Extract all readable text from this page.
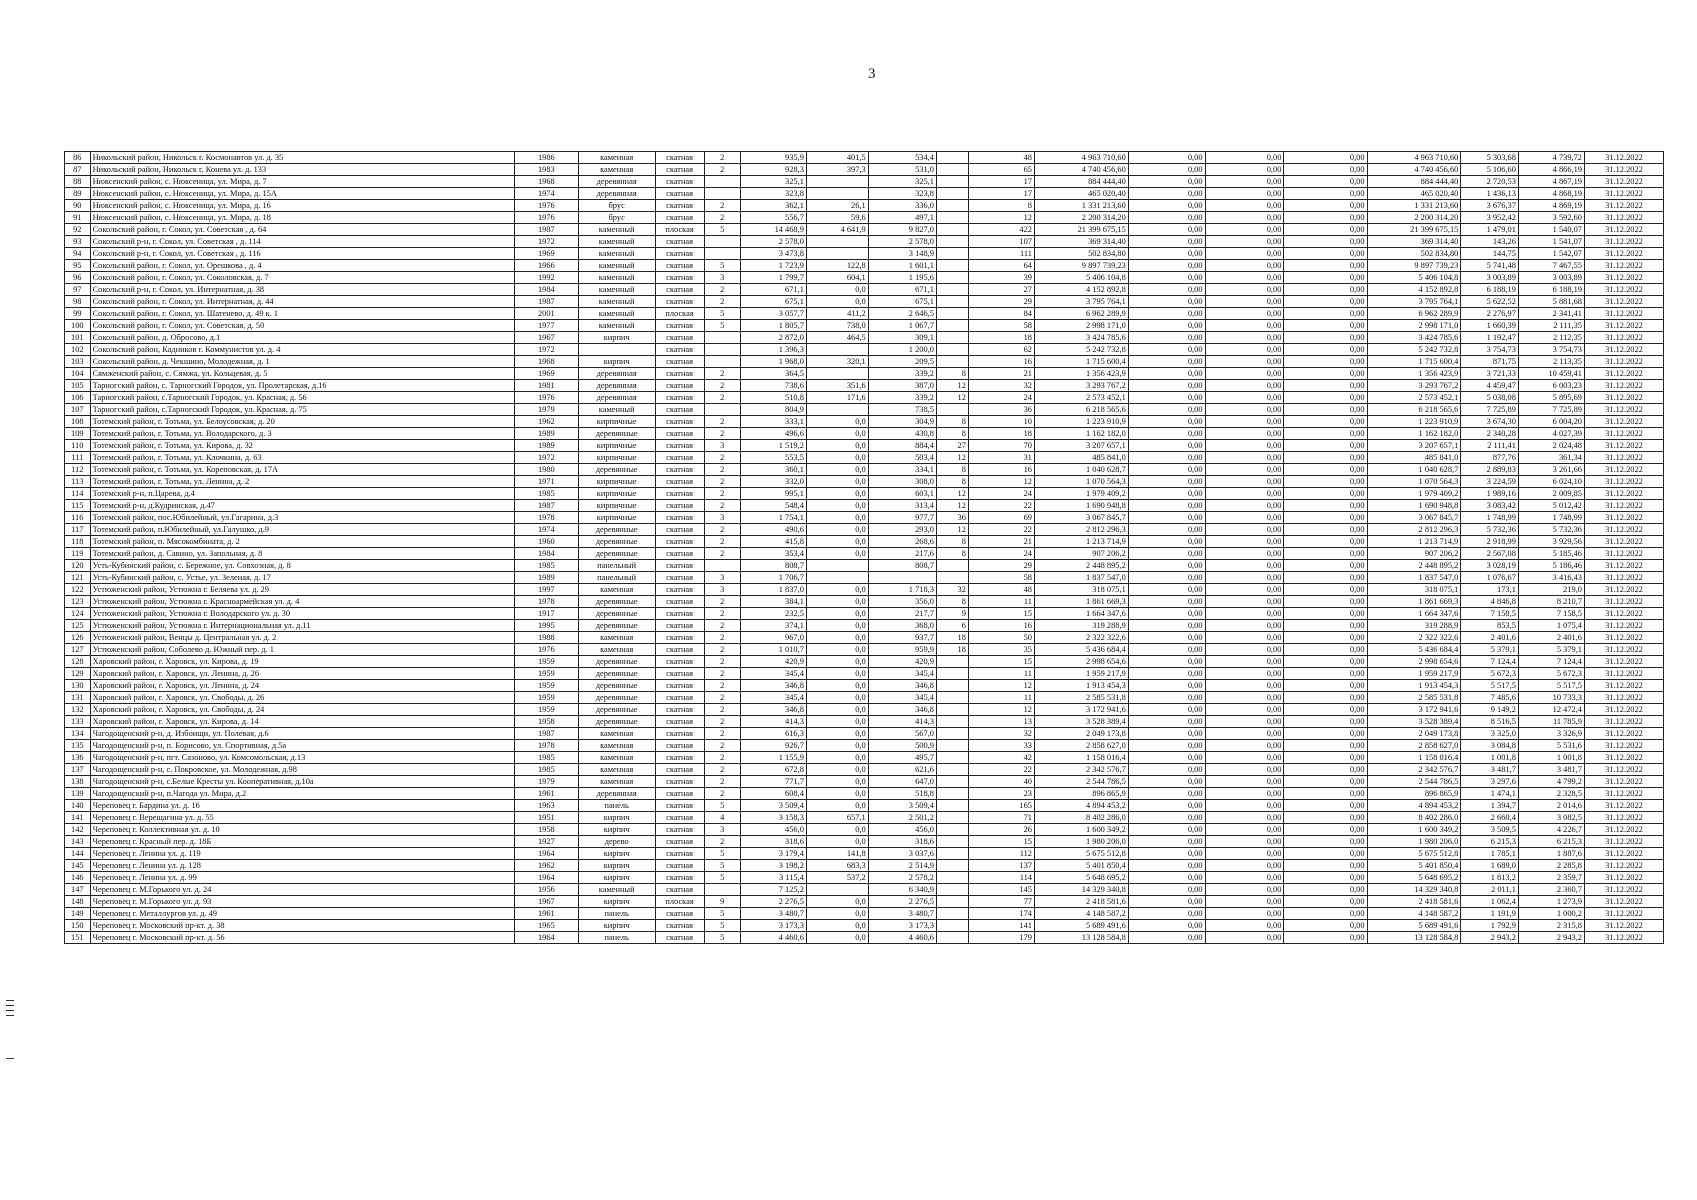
3
86	Никольский район, Никольск г. Космонавтов ул. д. 35	1986	каменная	скатная	2	935,9	401,5	534,4		48	4 963 710,60	0,00	0,00	0,00	4 963 710,60	5 303,68	4 739,72	31.12.2022
87	Никольский район, Никольск г. Конева ул. д. 133	1983	каменная	скатная	2	928,3	397,3	531,0		65	4 740 456,60	0,00	0,00	0,00	4 740 456,60	5 106,60	4 866,19	31.12.2022
88	Нюксенский район, с. Нюксеница, ул. Мира, д. 7	1968	деревянная	скатная		325,1		325,1		17	884 444,40	0,00	0,00	0,00	884 444,40	2 720,53	4 867,19	31.12.2022
89	Нюксенский район, с. Нюксеница, ул. Мира, д. 15А	1974	деревянная	скатная		323,8		323,8		17	465 020,40	0,00	0,00	0,00	465 020,40	1 436,13	4 868,19	31.12.2022
90	Нюксенский район, с. Нюксеница, ул. Мира, д. 16	1976	брус	скатная	2	362,1	26,1	336,0		8	1 331 213,60	0,00	0,00	0,00	1 331 213,60	3 676,37	4 869,19	31.12.2022
91	Нюксенский район, с. Нюксеница, ул. Мира, д. 18	1976	брус	скатная	2	556,7	59,6	497,1		12	2 200 314,20	0,00	0,00	0,00	2 200 314,20	3 952,42	3 592,60	31.12.2022
92	Сокольский район, г. Сокол, ул. Советская , д. 64	1987	каменный	плоская	5	14 468,9	4 641,9	9 827,0		422	21 399 675,15	0,00	0,00	0,00	21 399 675,15	1 479,01	1 540,07	31.12.2022
93	Сокольский р-н, г. Сокол, ул. Советская , д. 114	1972	каменный	скатная		2 578,0		2 578,0		107	369 314,40	0,00	0,00	0,00	369 314,40	143,26	1 541,07	31.12.2022
94	Сокольский р-н, г. Сокол, ул. Советская , д. 116	1969	каменный	скатная		3 473,8		3 148,9		111	502 834,80	0,00	0,00	0,00	502 834,80	144,75	1 542,07	31.12.2022
95	Сокольский район, г. Сокол, ул. Орешкова , д. 4	1966	каменный	скатная	5	1 723,9	122,8	1 601,1		64	9 897 739,23	0,00	0,00	0,00	9 897 739,23	5 741,48	7 467,55	31.12.2022
96	Сокольский район, г. Сокол, ул. Соколовская, д. 7	1992	каменный	скатная	3	1 799,7	604,1	1 195,6		39	5 406 104,8	0,00	0,00	0,00	5 406 104,8	3 003,89	3 003,89	31.12.2022
97	Сокольский р-н, г. Сокол, ул. Интернатная, д. 38	1984	каменный	скатная	2	671,1	0,0	671,1		27	4 152 892,8	0,00	0,00	0,00	4 152 892,8	6 188,19	6 188,19	31.12.2022
98	Сокольский район, г. Сокол, ул. Интернатная, д. 44	1987	каменный	скатная	2	675,1	0,0	675,1		29	3 795 764,1	0,00	0,00	0,00	3 795 764,1	5 622,52	5 881,68	31.12.2022
99	Сокольский район, г. Сокол, ул. Шатенево, д. 49 к. 1	2001	каменный	плоская	5	3 057,7	411,2	2 646,5		84	6 962 289,9	0,00	0,00	0,00	6 962 289,9	2 276,97	2 341,41	31.12.2022
100	Сокольский район, г. Сокол, ул. Советская, д. 50	1977	каменный	скатная	5	1 805,7	738,0	1 067,7		58	2 998 171,0	0,00	0,00	0,00	2 998 171,0	1 660,39	2 111,35	31.12.2022
101	Сокольский район, д. Обросово, д.1	1967	кирпич	скатная		2 872,0	464,5	309,1		18	3 424 785,6	0,00	0,00	0,00	3 424 785,6	1 192,47	2 112,35	31.12.2022
102	Сокольский район, Кадников г. Коммунистов ул. д. 4	1972		скатная		1 396,3		1 200,0		62	5 242 732,8	0,00	0,00	0,00	5 242 732,8	3 754,73	3 754,73	31.12.2022
103	Сокольский район, д. Чекшино, Молодежная, д. 1	1968	кирпич	скатная		1 968,0	320,1	209,5		16	1 715 600,4	0,00	0,00	0,00	1 715 600,4	871,75	2 113,35	31.12.2022
104	Сямженский район, с. Сямжа, ул. Кольцевая, д. 5	1969	деревянная	скатная	2	364,5		339,2	8	21	1 356 423,9	0,00	0,00	0,00	1 356 423,9	3 721,33	10 459,41	31.12.2022
105	Тарногский район, с. Тарногский Городок, ул. Пролетарская, д.16	1981	деревянная	скатная	2	738,6	351,6	387,0	12	32	3 293 767,2	0,00	0,00	0,00	3 293 767,2	4 459,47	6 003,23	31.12.2022
106	Тарногский район, с.Тарногский Городок, ул. Красная, д. 56	1976	деревянная	скатная	2	510,8	171,6	339,2	12	24	2 573 452,1	0,00	0,00	0,00	2 573 452,1	5 038,08	5 895,69	31.12.2022
107	Тарногский район, с.Тарногский Городок, ул. Красная, д. 75	1979	каменный	скатная		804,9		738,5		36	6 218 565,6	0,00	0,00	0,00	6 218 565,6	7 725,89	7 725,89	31.12.2022
108	Тотемский район, г. Тотьма, ул. Белоусовская, д. 20	1962	кирпичные	скатная	2	333,1	0,0	304,9	8	10	1 223 910,9	0,00	0,00	0,00	1 223 910,9	3 674,30	6 004,20	31.12.2022
109	Тотемский район, г. Тотьма, ул. Володарского, д. 3	1989	деревянные	скатная	2	496,6	0,0	430,8	8	18	1 162 182,0	0,00	0,00	0,00	1 162 182,0	2 340,28	4 027,39	31.12.2022
110	Тотемский район, г. Тотьма, ул. Кирова, д. 32	1989	кирпичные	скатная	3	1 519,2	0,0	884,4	27	70	3 207 657,1	0,00	0,00	0,00	3 207 657,1	2 111,41	2 024,48	31.12.2022
111	Тотемский район, г. Тотьма, ул. Клочкина, д. 63	1972	кирпичные	скатная	2	553,5	0,0	503,4	12	31	485 841,0	0,00	0,00	0,00	485 841,0	877,76	361,34	31.12.2022
112	Тотемский район, г. Тотьма, ул. Кореповская, д. 17А	1980	деревянные	скатная	2	360,1	0,0	334,1	8	16	1 040 628,7	0,00	0,00	0,00	1 040 628,7	2 889,83	3 261,66	31.12.2022
113	Тотемский район, г. Тотьма, ул. Ленина, д. 2	1971	кирпичные	скатная	2	332,0	0,0	308,0	8	12	1 070 564,3	0,00	0,00	0,00	1 070 564,3	3 224,59	6 024,10	31.12.2022
114	Тотемский р-н, п.Царева, д.4	1985	кирпичные	скатная	2	995,1	0,0	603,1	12	24	1 979 409,2	0,00	0,00	0,00	1 979 409,2	1 989,16	2 009,85	31.12.2022
115	Тотемский р-н, д.Кудринская, д.47	1987	кирпичные	скатная	2	548,4	0,0	313,4	12	22	1 690 948,8	0,00	0,00	0,00	1 690 948,8	3 083,42	5 012,42	31.12.2022
116	Тотемский район, пос.Юбилейный, ул.Гагарина, д.3	1978	кирпичные	скатная	3	1 754,1	0,0	977,7	36	69	3 067 845,7	0,00	0,00	0,00	3 067 845,7	1 748,99	1 748,99	31.12.2022
117	Тотемский район, п.Юбилейный, ул.Галушко, д.9	1974	деревянные	скатная	2	490,6	0,0	293,0	12	22	2 812 296,3	0,00	0,00	0,00	2 812 296,3	5 732,36	5 732,36	31.12.2022
118	Тотемский район, п. Мясокомбината, д. 2	1960	деревянные	скатная	2	415,8	0,0	268,6	8	21	1 213 714,9	0,00	0,00	0,00	1 213 714,9	2 918,99	3 929,56	31.12.2022
119	Тотемский район, д. Савино, ул. Запольная, д. 8	1984	деревянные	скатная	2	353,4	0,0	217,6	8	24	907 206,2	0,00	0,00	0,00	907 206,2	2 567,08	5 185,46	31.12.2022
120	Усть-Кубинский район, с. Бережное, ул. Совхозная, д. 8	1985	панельный	скатная		808,7		808,7		29	2 448 895,2	0,00	0,00	0,00	2 448 895,2	3 028,19	5 186,46	31.12.2022
121	Усть-Кубинский район, с. Устье, ул. Зеленая, д. 17	1989	панельный	скатная	3	1 706,7				58	1 837 547,0	0,00	0,00	0,00	1 837 547,0	1 076,67	3 416,43	31.12.2022
122	Устюженский район, Устюжна г. Беляева ул. д. 29	1997	каменная	скатная	3	1 837,0	0,0	1 718,3	32	48	318 075,1	0,00	0,00	0,00	318 075,1	173,1	219,0	31.12.2022
123	Устюженский район, Устюжна г. Красноармейская ул. д. 4	1978	деревянные	скатная	2	384,1	0,0	356,0	8	11	1 861 669,3	0,00	0,00	0,00	1 861 669,3	4 846,8	8 210,7	31.12.2022
124	Устюженский район, Устюжна г. Володарского ул. д. 30	1917	деревянные	скатная	2	232,5	0,0	217,7	9	15	1 664 347,6	0,00	0,00	0,00	1 664 347,6	7 158,5	7 158,5	31.12.2022
125	Устюженский район, Устюжна г. Интернациональная ул. д.11	1995	деревянные	скатная	2	374,1	0,0	368,0	6	16	319 288,9	0,00	0,00	0,00	319 288,9	853,5	1 075,4	31.12.2022
126	Устюженский район, Венцы д. Центральная ул. д. 2	1988	каменная	скатная	2	967,0	0,0	937,7	18	50	2 322 322,6	0,00	0,00	0,00	2 322 322,6	2 401,6	2 401,6	31.12.2022
127	Устюженский район, Соболево д. Южный пер. д. 1	1976	каменная	скатная	2	1 010,7	0,0	959,9	18	35	5 436 684,4	0,00	0,00	0,00	5 436 684,4	5 379,1	5 379,1	31.12.2022
128	Харовский район, г. Харовск, ул. Кирова, д. 19	1959	деревянные	скатная	2	420,9	0,0	420,9		15	2 998 654,6	0,00	0,00	0,00	2 998 654,6	7 124,4	7 124,4	31.12.2022
129	Харовский район, г. Харовск, ул. Ленина, д. 26	1959	деревянные	скатная	2	345,4	0,0	345,4		11	1 959 217,9	0,00	0,00	0,00	1 959 217,9	5 672,3	5 672,3	31.12.2022
130	Харовский район, г. Харовск, ул. Ленина, д. 24	1959	деревянные	скатная	2	346,8	0,0	346,8		12	1 913 454,3	0,00	0,00	0,00	1 913 454,3	5 517,5	5 517,5	31.12.2022
131	Харовский район, г. Харовск, ул. Свободы, д. 26	1959	деревянные	скатная	2	345,4	0,0	345,4		11	2 585 531,8	0,00	0,00	0,00	2 585 531,8	7 485,6	10 733,3	31.12.2022
132	Харовский район, г. Харовск, ул. Свободы, д. 24	1959	деревянные	скатная	2	346,8	0,0	346,8		12	3 172 941,6	0,00	0,00	0,00	3 172 941,6	9 149,2	12 472,4	31.12.2022
133	Харовский район, г. Харовск, ул. Кирова, д. 14	1958	деревянные	скатная	2	414,3	0,0	414,3		13	3 528 389,4	0,00	0,00	0,00	3 528 389,4	8 516,5	11 785,9	31.12.2022
134	Чагодощенский р-н, д. Избоищи, ул. Полевая, д.6	1987	каменная	скатная	2	616,3	0,0	567,0		32	2 049 173,8	0,00	0,00	0,00	2 049 173,8	3 325,0	3 326,9	31.12.2022
135	Чагодощенский р-н, п. Борисово, ул. Спортивная, д.5а	1978	каменная	скатная	2	926,7	0,0	500,9		33	2 858 627,0	0,00	0,00	0,00	2 858 627,0	3 084,8	5 531,6	31.12.2022
136	Чагодощенский р-н, пгт. Сазоново, ул. Комсомольская, д.13	1985	каменная	скатная	2	1 155,9	0,0	495,7		42	1 158 016,4	0,00	0,00	0,00	1 158 016,4	1 001,8	1 001,8	31.12.2022
137	Чагодощенский р-н, с. Покровское, ул. Молодежная, д.98	1985	каменная	скатная	2	672,8	0,0	621,6		22	2 342 576,7	0,00	0,00	0,00	2 342 576,7	3 481,7	3 481,7	31.12.2022
138	Чагодощенский р-н, с.Белые Кресты ул. Кооперативная, д.10а	1979	каменная	скатная	2	771,7	0,0	647,0		40	2 544 786,5	0,00	0,00	0,00	2 544 786,5	3 297,6	4 799,2	31.12.2022
139	Чагодощенский р-н, п.Чагода ул. Мира, д.2	1961	деревянная	скатная	2	608,4	0,0	518,8		23	896 865,9	0,00	0,00	0,00	896 865,9	1 474,1	2 328,5	31.12.2022
140	Череповец г. Бардина ул. д. 16	1963	панель	скатная	5	3 509,4	0,0	3 509,4		165	4 894 453,2	0,00	0,00	0,00	4 894 453,2	1 394,7	2 014,6	31.12.2022
141	Череповец г. Верещагина ул. д. 55	1951	кирпич	скатная	4	3 158,3	657,1	2 501,2		71	8 402 286,0	0,00	0,00	0,00	8 402 286,0	2 660,4	3 082,5	31.12.2022
142	Череповец г. Коллективная ул. д. 10	1958	кирпич	скатная	3	456,0	0,0	456,0		26	1 600 349,2	0,00	0,00	0,00	1 600 349,2	3 509,5	4 226,7	31.12.2022
143	Череповец г. Красный пер. д. 18Б	1927	дерево	скатная	2	318,6	0,0	318,6		15	1 980 206,0	0,00	0,00	0,00	1 980 206,0	6 215,3	6 215,3	31.12.2022
144	Череповец г. Ленина ул. д. 119	1964	кирпич	скатная	5	3 179,4	141,8	3 037,6		112	5 675 512,8	0,00	0,00	0,00	5 675 512,8	1 785,1	1 887,6	31.12.2022
145	Череповец г. Ленина ул. д. 128	1962	кирпич	скатная	5	3 198,2	683,3	2 514,9		137	5 401 850,4	0,00	0,00	0,00	5 401 850,4	1 689,0	2 285,8	31.12.2022
146	Череповец г. Ленина ул. д. 99	1964	кирпич	скатная	5	3 115,4	537,2	2 578,2		114	5 648 695,2	0,00	0,00	0,00	5 648 695,2	1 813,2	2 359,7	31.12.2022
147	Череповец г. М.Горького ул. д. 24	1956	каменный	скатная		7 125,2		6 340,9		145	14 329 340,8	0,00	0,00	0,00	14 329 340,8	2 011,1	2 360,7	31.12.2022
148	Череповец г. М.Горького ул. д. 93	1967	кирпич	плоская	9	2 276,5	0,0	2 276,5		77	2 418 581,6	0,00	0,00	0,00	2 418 581,6	1 062,4	1 273,9	31.12.2022
149	Череповец г. Металлургов ул. д. 49	1961	панель	скатная	5	3 480,7	0,0	3 480,7		174	4 148 587,2	0,00	0,00	0,00	4 148 587,2	1 191,9	1 000,2	31.12.2022
150	Череповец г. Московский пр-кт. д. 38	1965	кирпич	скатная	5	3 173,3	0,0	3 173,3		141	5 689 491,6	0,00	0,00	0,00	5 689 491,6	1 792,9	2 315,8	31.12.2022
151	Череповец г. Московский пр-кт. д. 56	1964	панель	скатная	5	4 460,6	0,0	4 460,6		179	13 128 584,8	0,00	0,00	0,00	13 128 584,8	2 943,2	2 943,2	31.12.2022
